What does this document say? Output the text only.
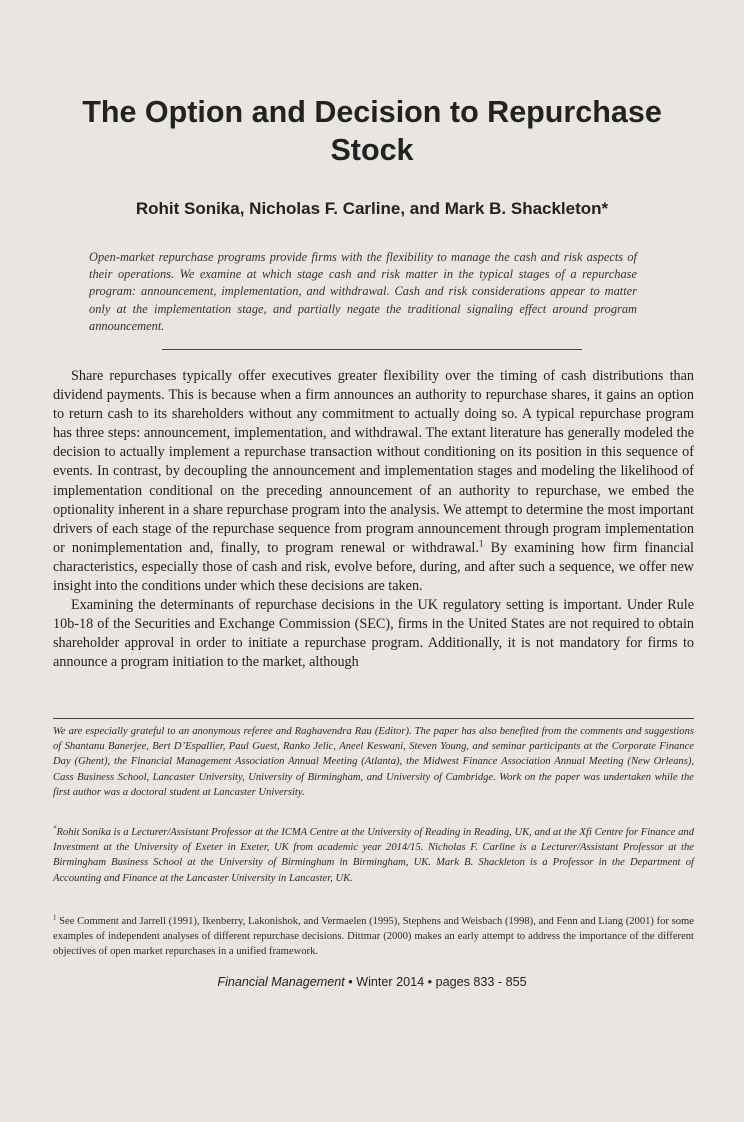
The Option and Decision to Repurchase Stock
Rohit Sonika, Nicholas F. Carline, and Mark B. Shackleton*
Open-market repurchase programs provide firms with the flexibility to manage the cash and risk aspects of their operations. We examine at which stage cash and risk matter in the typical stages of a repurchase program: announcement, implementation, and withdrawal. Cash and risk considerations appear to matter only at the implementation stage, and partially negate the traditional signaling effect around program announcement.

Share repurchases typically offer executives greater flexibility over the timing of cash distributions than dividend payments. This is because when a firm announces an authority to repurchase shares, it gains an option to return cash to its shareholders without any commitment to actually doing so. A typical repurchase program has three steps: announcement, implementation, and withdrawal. The extant literature has generally modeled the decision to actually implement a repurchase transaction without conditioning on its position in this sequence of events. In contrast, by decoupling the announcement and implementation stages and modeling the likelihood of implementation conditional on the preceding announcement of an authority to repurchase, we embed the optionality inherent in a share repurchase program into the analysis. We attempt to determine the most important drivers of each stage of the repurchase sequence from program announcement through program implementation or nonimplementation and, finally, to program renewal or withdrawal.$^1$ By examining how firm financial characteristics, especially those of cash and risk, evolve before, during, and after such a sequence, we offer new insight into the conditions under which these decisions are taken.

Examining the determinants of repurchase decisions in the UK regulatory setting is important. Under Rule 10b-18 of the Securities and Exchange Commission (SEC), firms in the United States are not required to obtain shareholder approval in order to initiate a repurchase program. Additionally, it is not mandatory for firms to announce a program initiation to the market, although

We are especially grateful to an anonymous referee and Raghavendra Rau (Editor). The paper has also benefited from the comments and suggestions of Shantanu Banerjee, Bert D’Espallier, Paul Guest, Ranko Jelic, Aneel Keswani, Steven Young, and seminar participants at the Corporate Finance Day (Ghent), the Financial Management Association Annual Meeting (Atlanta), the Midwest Finance Association Annual Meeting (New Orleans), Cass Business School, Lancaster University, University of Birmingham, and University of Cambridge. Work on the paper was undertaken while the first author was a doctoral student at Lancaster University.
*Rohit Sonika is a Lecturer/Assistant Professor at the ICMA Centre at the University of Reading in Reading, UK, and at the Xfi Centre for Finance and Investment at the University of Exeter in Exeter, UK from academic year 2014/15. Nicholas F. Carline is a Lecturer/Assistant Professor at the Birmingham Business School at the University of Birmingham in Birmingham, UK. Mark B. Shackleton is a Professor in the Department of Accounting and Finance at the Lancaster University in Lancaster, UK.
$^1$ See Comment and Jarrell (1991), Ikenberry, Lakonishok, and Vermaelen (1995), Stephens and Weisbach (1998), and Fenn and Liang (2001) for some examples of independent analyses of different repurchase decisions. Dittmar (2000) makes an early attempt to address the importance of the different objectives of open market repurchases in a unified framework.
Financial Management • Winter 2014 • pages 833 - 855
